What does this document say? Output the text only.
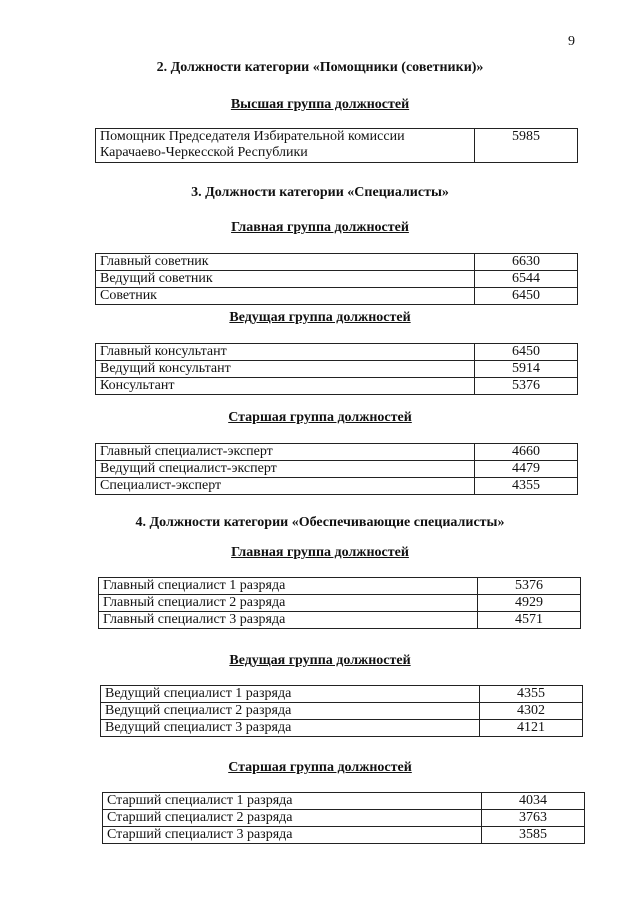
9
2. Должности категории «Помощники (советники)»
Высшая группа должностей
Помощник Председателя Избирательной комиссии Карачаево-Черкесской Республики	5985
3. Должности категории «Специалисты»
Главная группа должностей
Главный советник	6630
Ведущий советник	6544
Советник	6450
Ведущая группа должностей
Главный консультант	6450
Ведущий консультант	5914
Консультант	5376
Старшая группа должностей
Главный специалист-эксперт	4660
Ведущий специалист-эксперт	4479
Специалист-эксперт	4355
4. Должности категории «Обеспечивающие специалисты»
Главная группа должностей
Главный специалист 1 разряда	5376
Главный специалист 2 разряда	4929
Главный специалист 3 разряда	4571
Ведущая группа должностей
Ведущий специалист 1 разряда	4355
Ведущий специалист 2 разряда	4302
Ведущий специалист 3 разряда	4121
Старшая группа должностей
Старший специалист 1 разряда	4034
Старший специалист 2 разряда	3763
Старший специалист 3 разряда	3585
